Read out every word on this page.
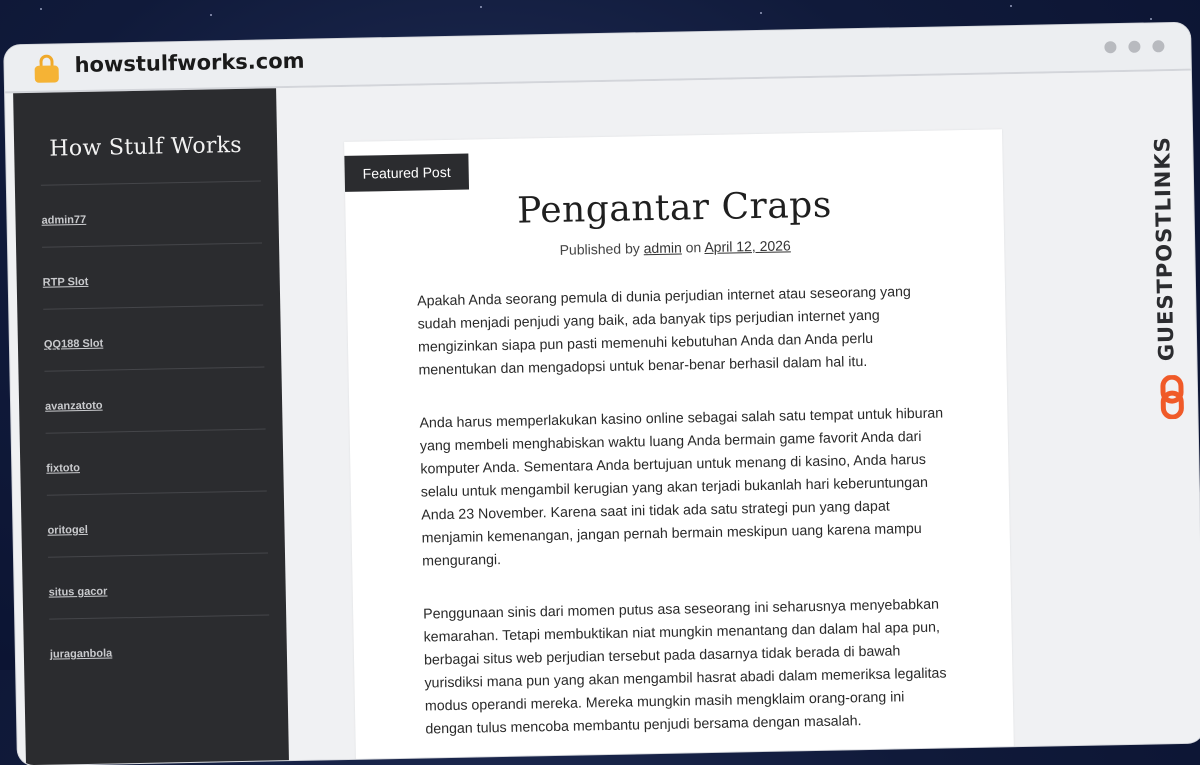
howstulfworks.com
How Stulf Works
admin77
RTP Slot
QQ188 Slot
avanzatoto
fixtoto
oritogel
situs gacor
juraganbola
Featured Post
Pengantar Craps
Published by admin on April 12, 2026

Apakah Anda seorang pemula di dunia perjudian internet atau seseorang yang sudah menjadi penjudi yang baik, ada banyak tips perjudian internet yang mengizinkan siapa pun pasti memenuhi kebutuhan Anda dan Anda perlu menentukan dan mengadopsi untuk benar-benar berhasil dalam hal itu.

Anda harus memperlakukan kasino online sebagai salah satu tempat untuk hiburan yang membeli menghabiskan waktu luang Anda bermain game favorit Anda dari komputer Anda. Sementara Anda bertujuan untuk menang di kasino, Anda harus selalu untuk mengambil kerugian yang akan terjadi bukanlah hari keberuntungan Anda 23 November. Karena saat ini tidak ada satu strategi pun yang dapat menjamin kemenangan, jangan pernah bermain meskipun uang karena mampu mengurangi.

Penggunaan sinis dari momen putus asa seseorang ini seharusnya menyebabkan kemarahan. Tetapi membuktikan niat mungkin menantang dan dalam hal apa pun, berbagai situs web perjudian tersebut pada dasarnya tidak berada di bawah yurisdiksi mana pun yang akan mengambil hasrat abadi dalam memeriksa legalitas modus operandi mereka. Mereka mungkin masih mengklaim orang-orang ini dengan tulus mencoba membantu penjudi bersama dengan masalah.

GUESTPOSTLINKS
